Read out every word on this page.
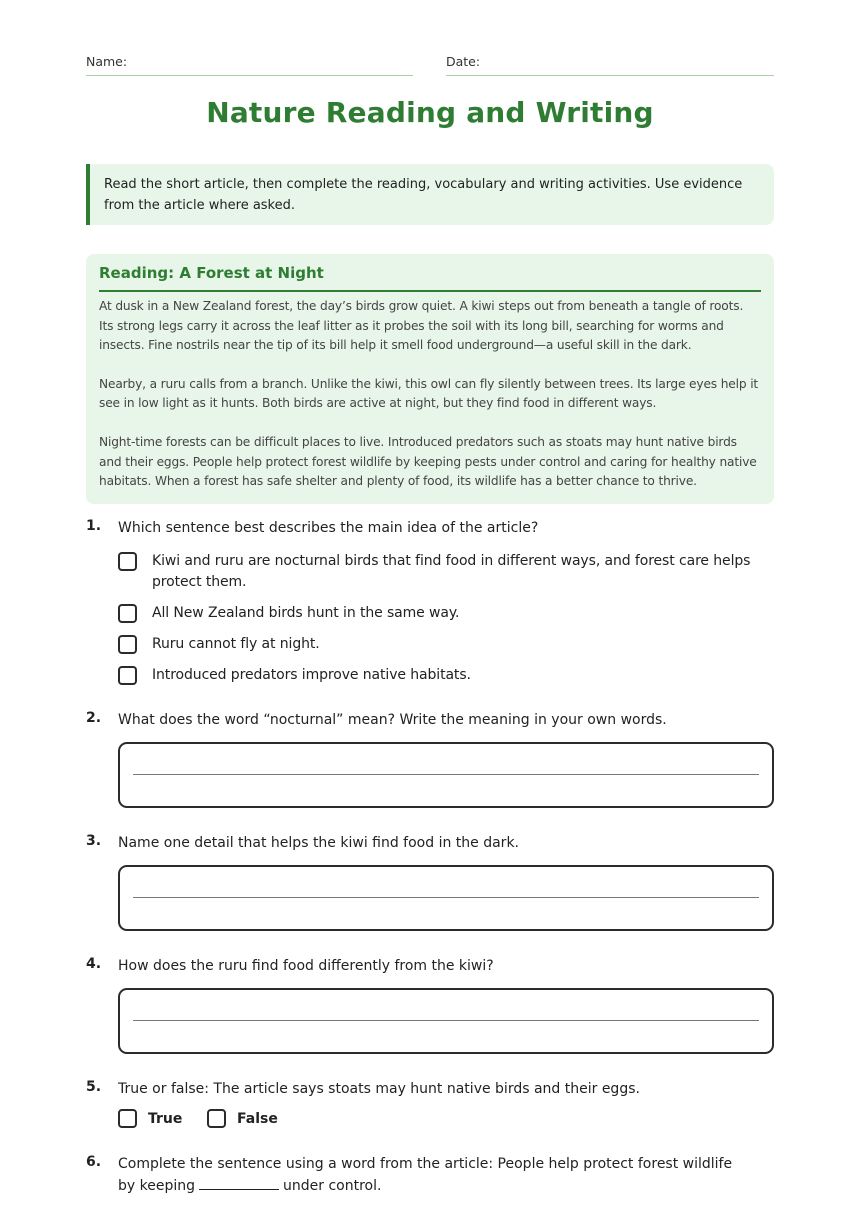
Name:	Date:
Nature Reading and Writing
Read the short article, then complete the reading, vocabulary and writing activities. Use evidence from the article where asked.
Reading: A Forest at Night

At dusk in a New Zealand forest, the day’s birds grow quiet. A kiwi steps out from beneath a tangle of roots. Its strong legs carry it across the leaf litter as it probes the soil with its long bill, searching for worms and insects. Fine nostrils near the tip of its bill help it smell food underground—a useful skill in the dark.

Nearby, a ruru calls from a branch. Unlike the kiwi, this owl can fly silently between trees. Its large eyes help it see in low light as it hunts. Both birds are active at night, but they find food in different ways.

Night-time forests can be difficult places to live. Introduced predators such as stoats may hunt native birds and their eggs. People help protect forest wildlife by keeping pests under control and caring for healthy native habitats. When a forest has safe shelter and plenty of food, its wildlife has a better chance to thrive.

1. Which sentence best describes the main idea of the article?
Kiwi and ruru are nocturnal birds that find food in different ways, and forest care helps protect them.
All New Zealand birds hunt in the same way.
Ruru cannot fly at night.
Introduced predators improve native habitats.
2. What does the word “nocturnal” mean? Write the meaning in your own words.
3. Name one detail that helps the kiwi find food in the dark.
4. How does the ruru find food differently from the kiwi?
5. True or false: The article says stoats may hunt native birds and their eggs.
True	False
6. Complete the sentence using a word from the article: People help protect forest wildlife by keeping	under control.
